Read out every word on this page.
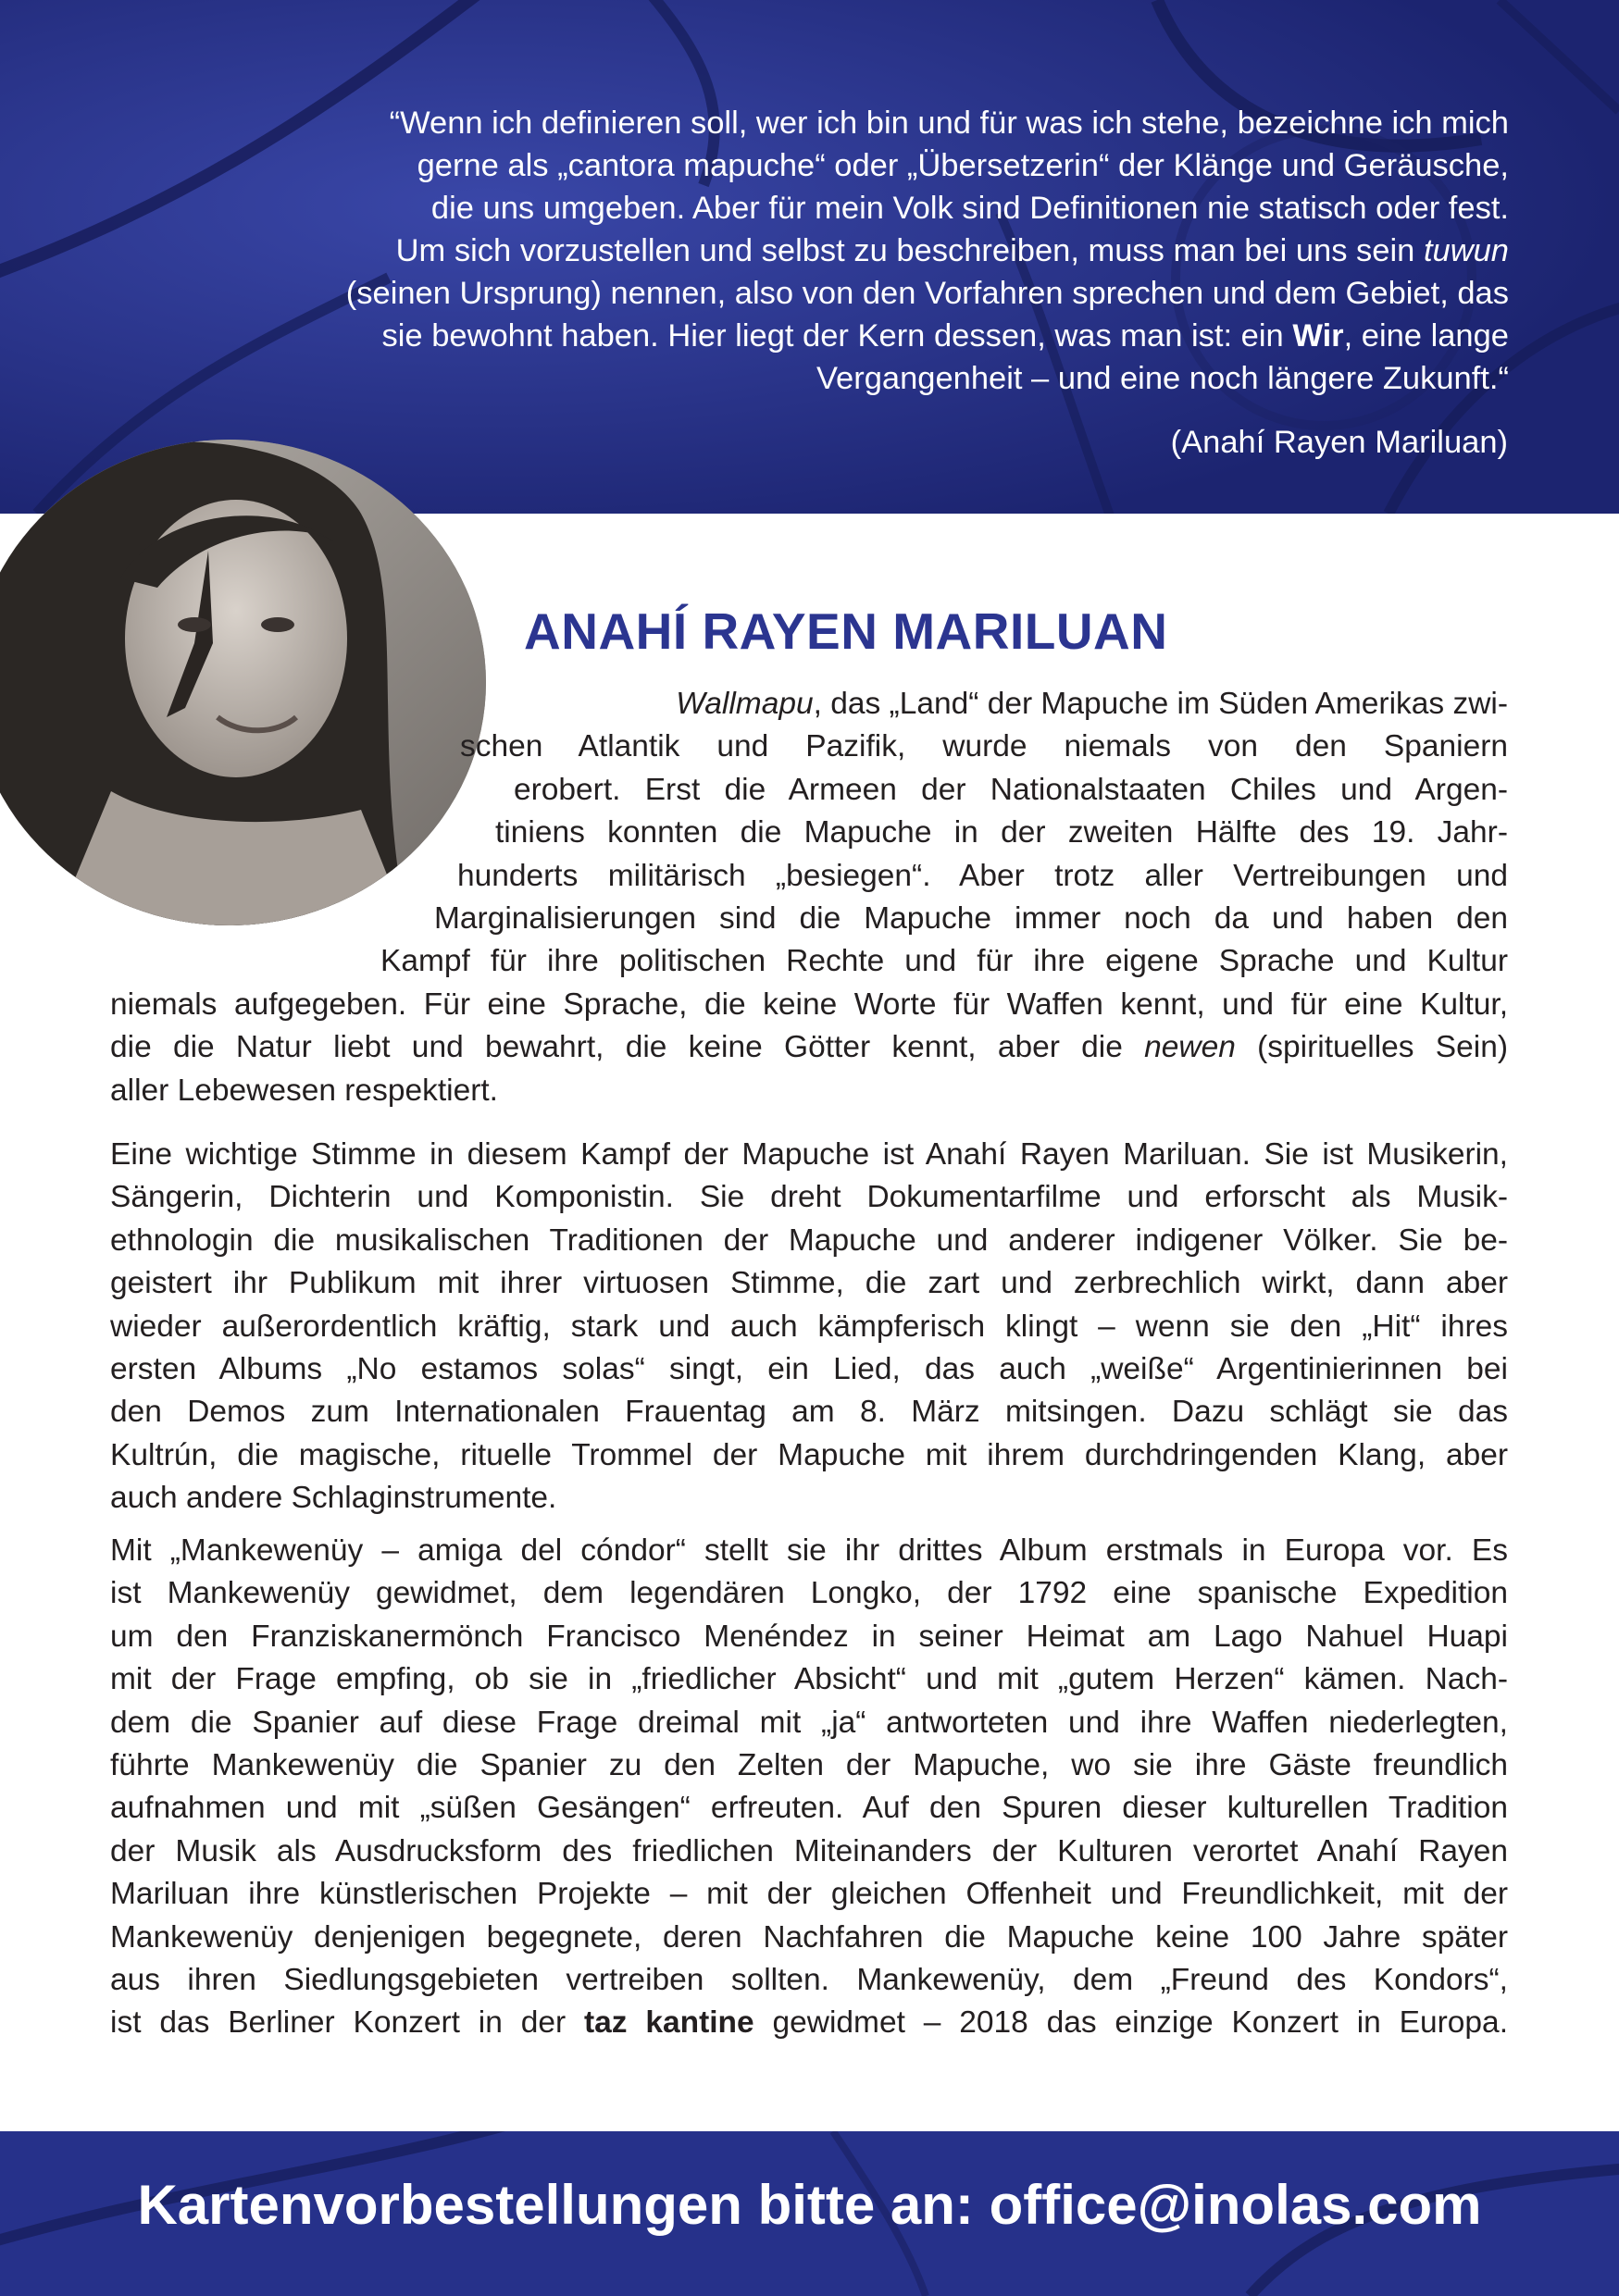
“Wenn ich definieren soll, wer ich bin und für was ich stehe, bezeichne ich mich
gerne als „cantora mapuche“ oder „Übersetzerin“ der Klänge und Geräusche,
die uns umgeben. Aber für mein Volk sind Definitionen nie statisch oder fest.
Um sich vorzustellen und selbst zu beschreiben, muss man bei uns sein tuwun
(seinen Ursprung) nennen, also von den Vorfahren sprechen und dem Gebiet, das
sie bewohnt haben. Hier liegt der Kern dessen, was man ist: ein Wir, eine lange
Vergangenheit – und eine noch längere Zukunft.“

(Anahí Rayen Mariluan)

ANAHÍ RAYEN MARILUAN
Wallmapu, das „Land“ der Mapuche im Süden Amerikas zwi-
schen Atlantik und Pazifik, wurde niemals von den Spaniern
erobert. Erst die Armeen der Nationalstaaten Chiles und Argen-
tiniens konnten die Mapuche in der zweiten Hälfte des 19. Jahr-
hunderts militärisch „besiegen“. Aber trotz aller Vertreibungen und
Marginalisierungen sind die Mapuche immer noch da und haben den
Kampf für ihre politischen Rechte und für ihre eigene Sprache und Kultur
niemals aufgegeben. Für eine Sprache, die keine Worte für Waffen kennt, und für eine Kultur,
die die Natur liebt und bewahrt, die keine Götter kennt, aber die newen (spirituelles Sein)
aller Lebewesen respektiert.
Eine wichtige Stimme in diesem Kampf der Mapuche ist Anahí Rayen Mariluan. Sie ist Musikerin,
Sängerin, Dichterin und Komponistin. Sie dreht Dokumentarfilme und erforscht als Musik-
ethnologin die musikalischen Traditionen der Mapuche und anderer indigener Völker. Sie be-
geistert ihr Publikum mit ihrer virtuosen Stimme, die zart und zerbrechlich wirkt, dann aber
wieder außerordentlich kräftig, stark und auch kämpferisch klingt – wenn sie den „Hit“ ihres
ersten Albums „No estamos solas“ singt, ein Lied, das auch „weiße“ Argentinierinnen bei
den Demos zum Internationalen Frauentag am 8. März mitsingen. Dazu schlägt sie das
Kultrún, die magische, rituelle Trommel der Mapuche mit ihrem durchdringenden Klang, aber
auch andere Schlaginstrumente.
Mit „Mankewenüy – amiga del cóndor“ stellt sie ihr drittes Album erstmals in Europa vor. Es
ist Mankewenüy gewidmet, dem legendären Longko, der 1792 eine spanische Expedition
um den Franziskanermönch Francisco Menéndez in seiner Heimat am Lago Nahuel Huapi
mit der Frage empfing, ob sie in „friedlicher Absicht“ und mit „gutem Herzen“ kämen. Nach-
dem die Spanier auf diese Frage dreimal mit „ja“ antworteten und ihre Waffen niederlegten,
führte Mankewenüy die Spanier zu den Zelten der Mapuche, wo sie ihre Gäste freundlich
aufnahmen und mit „süßen Gesängen“ erfreuten. Auf den Spuren dieser kulturellen Tradition
der Musik als Ausdrucksform des friedlichen Miteinanders der Kulturen verortet Anahí Rayen
Mariluan ihre künstlerischen Projekte – mit der gleichen Offenheit und Freundlichkeit, mit der
Mankewenüy denjenigen begegnete, deren Nachfahren die Mapuche keine 100 Jahre später
aus ihren Siedlungsgebieten vertreiben sollten. Mankewenüy, dem „Freund des Kondors“,
ist das Berliner Konzert in der taz kantine gewidmet – 2018 das einzige Konzert in Europa.

Kartenvorbestellungen bitte an: office@inolas.com
